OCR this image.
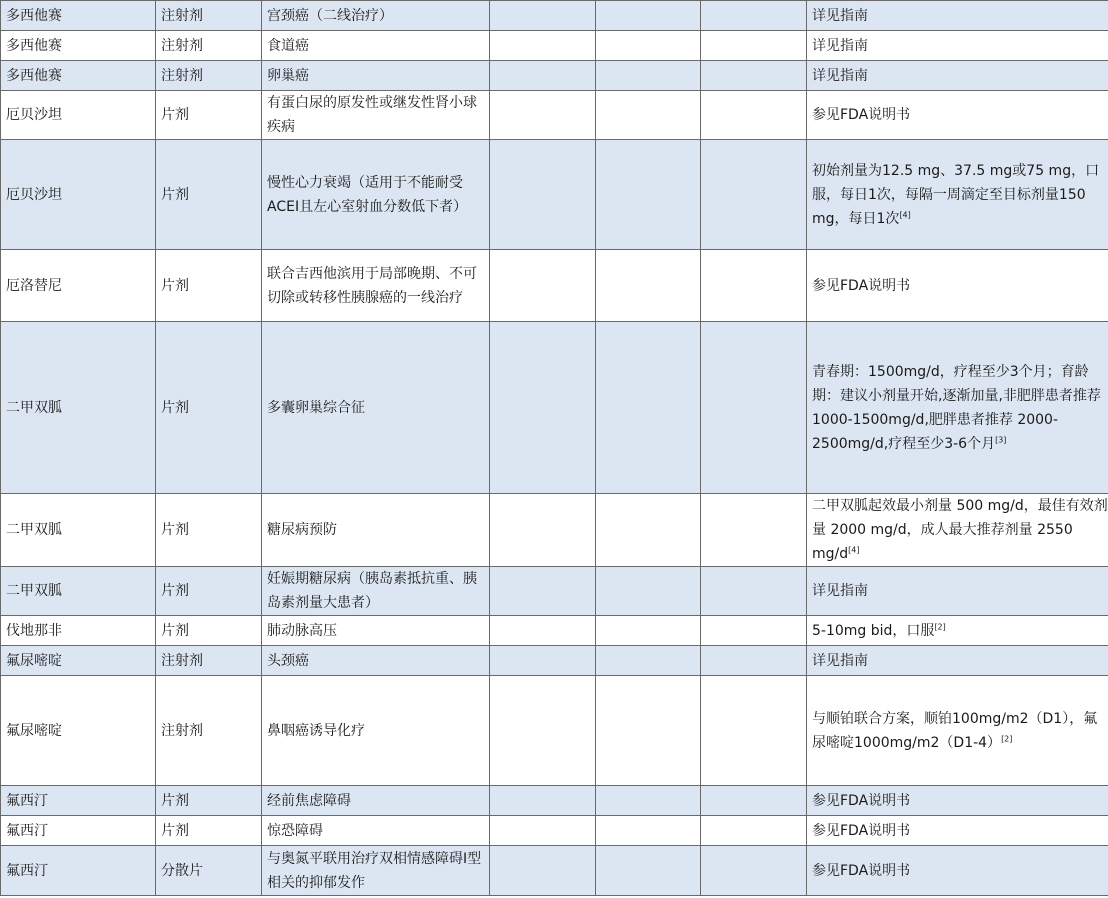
多西他赛	注射剂	宫颈癌（二线治疗）				详见指南
多西他赛	注射剂	食道癌				详见指南
多西他赛	注射剂	卵巢癌				详见指南
厄贝沙坦	片剂	有蛋白尿的原发性或继发性肾小球疾病				参见FDA说明书
厄贝沙坦	片剂	慢性心力衰竭（适用于不能耐受ACEI且左心室射血分数低下者）				初始剂量为12.5 mg、37.5 mg或75 mg，口服，每日1次，每隔一周滴定至目标剂量150 mg，每日1次[4]
厄洛替尼	片剂	联合吉西他滨用于局部晚期、不可切除或转移性胰腺癌的一线治疗				参见FDA说明书
二甲双胍	片剂	多囊卵巢综合征				青春期：1500mg/d，疗程至少3个月；育龄期：建议小剂量开始,逐渐加量,非肥胖患者推荐1000-1500mg/d,肥胖患者推荐 2000-2500mg/d,疗程至少3-6个月[3]
二甲双胍	片剂	糖尿病预防				二甲双胍起效最小剂量 500 mg/d，最佳有效剂量 2000 mg/d，成人最大推荐剂量 2550 mg/d[4]
二甲双胍	片剂	妊娠期糖尿病（胰岛素抵抗重、胰岛素剂量大患者）				详见指南
伐地那非	片剂	肺动脉高压				5-10mg bid，口服[2]
氟尿嘧啶	注射剂	头颈癌				详见指南
氟尿嘧啶	注射剂	鼻咽癌诱导化疗				与顺铂联合方案，顺铂100mg/m2（D1），氟尿嘧啶1000mg/m2（D1-4）[2]
氟西汀	片剂	经前焦虑障碍				参见FDA说明书
氟西汀	片剂	惊恐障碍				参见FDA说明书
氟西汀	分散片	与奥氮平联用治疗双相情感障碍I型相关的抑郁发作				参见FDA说明书
